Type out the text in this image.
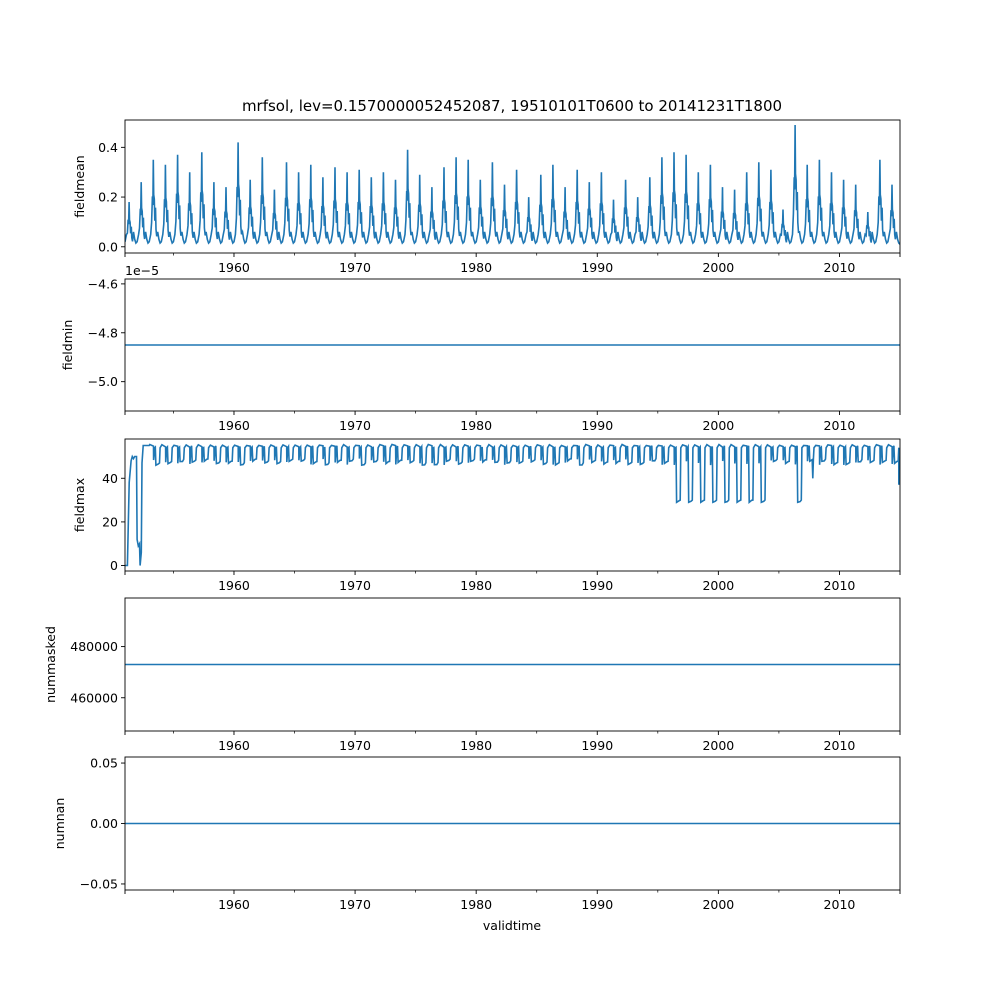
mrfsol, lev=0.1570000052452087, 19510101T0600 to 20141231T1800
0.0
0.2
0.4
1960	1970	1980	1990	2000	2010
fieldmean
−4.6
−4.8
−5.0
1960	1970	1980	1990	2000	2010
1e−5
fieldmin
0
20
40
1960	1970	1980	1990	2000	2010
fieldmax
460000
480000
1960	1970	1980	1990	2000	2010
nummasked
0.05
0.00
−0.05
1960	1970	1980	1990	2000	2010
numnan
validtime
